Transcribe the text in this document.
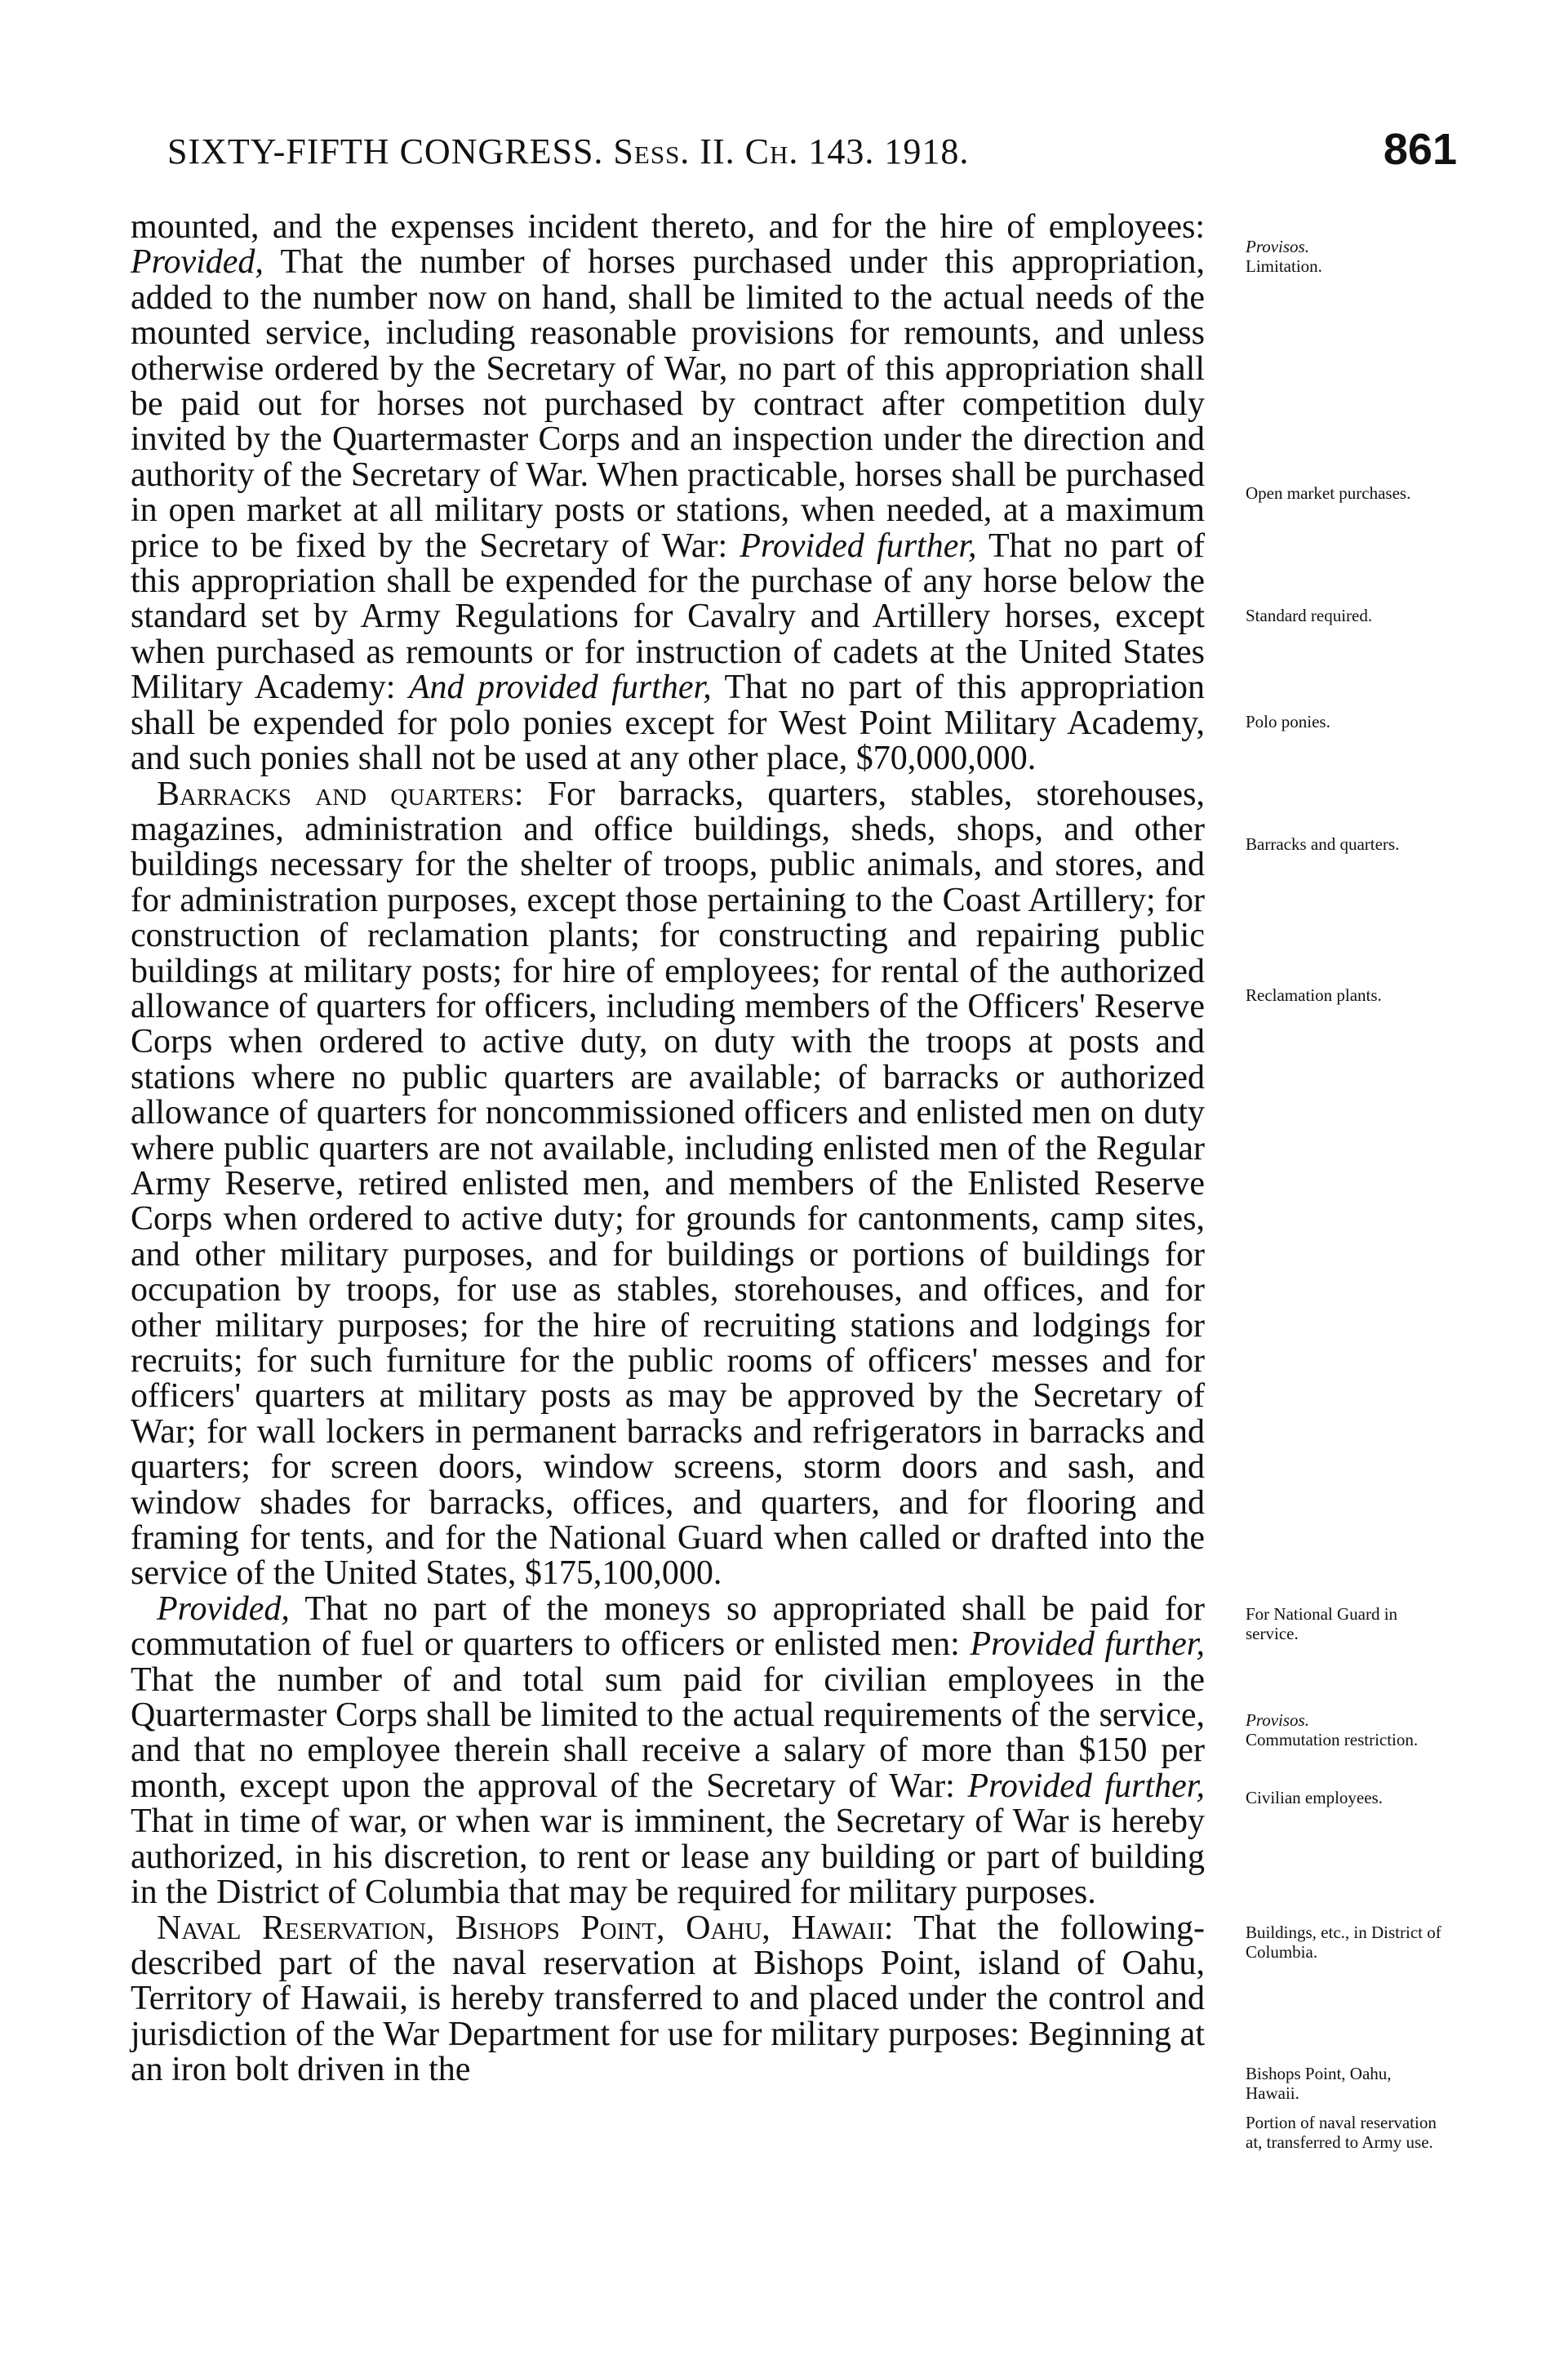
SIXTY-FIFTH CONGRESS. Sess. II. Ch. 143. 1918.	861

mounted, and the expenses incident thereto, and for the hire of employees: Provided, That the number of horses purchased under this appropriation, added to the number now on hand, shall be limited to the actual needs of the mounted service, including reasonable provisions for remounts, and unless otherwise ordered by the Secretary of War, no part of this appropriation shall be paid out for horses not purchased by contract after competition duly invited by the Quartermaster Corps and an inspection under the direction and authority of the Secretary of War. When practicable, horses shall be purchased in open market at all military posts or stations, when needed, at a maximum price to be fixed by the Secretary of War: Provided further, That no part of this appropriation shall be expended for the purchase of any horse below the standard set by Army Regulations for Cavalry and Artillery horses, except when purchased as remounts or for instruction of cadets at the United States Military Academy: And provided further, That no part of this appropriation shall be expended for polo ponies except for West Point Military Academy, and such ponies shall not be used at any other place, $70,000,000.

Barracks and quarters: For barracks, quarters, stables, storehouses, magazines, administration and office buildings, sheds, shops, and other buildings necessary for the shelter of troops, public animals, and stores, and for administration purposes, except those pertaining to the Coast Artillery; for construction of reclamation plants; for constructing and repairing public buildings at military posts; for hire of employees; for rental of the authorized allowance of quarters for officers, including members of the Officers' Reserve Corps when ordered to active duty, on duty with the troops at posts and stations where no public quarters are available; of barracks or authorized allowance of quarters for noncommissioned officers and enlisted men on duty where public quarters are not available, including enlisted men of the Regular Army Reserve, retired enlisted men, and members of the Enlisted Reserve Corps when ordered to active duty; for grounds for cantonments, camp sites, and other military purposes, and for buildings or portions of buildings for occupation by troops, for use as stables, storehouses, and offices, and for other military purposes; for the hire of recruiting stations and lodgings for recruits; for such furniture for the public rooms of officers' messes and for officers' quarters at military posts as may be approved by the Secretary of War; for wall lockers in permanent barracks and refrigerators in barracks and quarters; for screen doors, window screens, storm doors and sash, and window shades for barracks, offices, and quarters, and for flooring and framing for tents, and for the National Guard when called or drafted into the service of the United States, $175,100,000.

Provided, That no part of the moneys so appropriated shall be paid for commutation of fuel or quarters to officers or enlisted men: Provided further, That the number of and total sum paid for civilian employees in the Quartermaster Corps shall be limited to the actual requirements of the service, and that no employee therein shall receive a salary of more than $150 per month, except upon the approval of the Secretary of War: Provided further, That in time of war, or when war is imminent, the Secretary of War is hereby authorized, in his discretion, to rent or lease any building or part of building in the District of Columbia that may be required for military purposes.

Naval Reservation, Bishops Point, Oahu, Hawaii: That the following-described part of the naval reservation at Bishops Point, island of Oahu, Territory of Hawaii, is hereby transferred to and placed under the control and jurisdiction of the War Department for use for military purposes: Beginning at an iron bolt driven in the

Provisos.
Limitation.
Open market purchases.
Standard required.
Polo ponies.
Barracks and quarters.
Reclamation plants.
For National Guard in service.
Provisos.
Commutation restriction.
Civilian employees.
Buildings, etc., in District of Columbia.
Bishops Point, Oahu, Hawaii.
Portion of naval reservation at, transferred to Army use.
